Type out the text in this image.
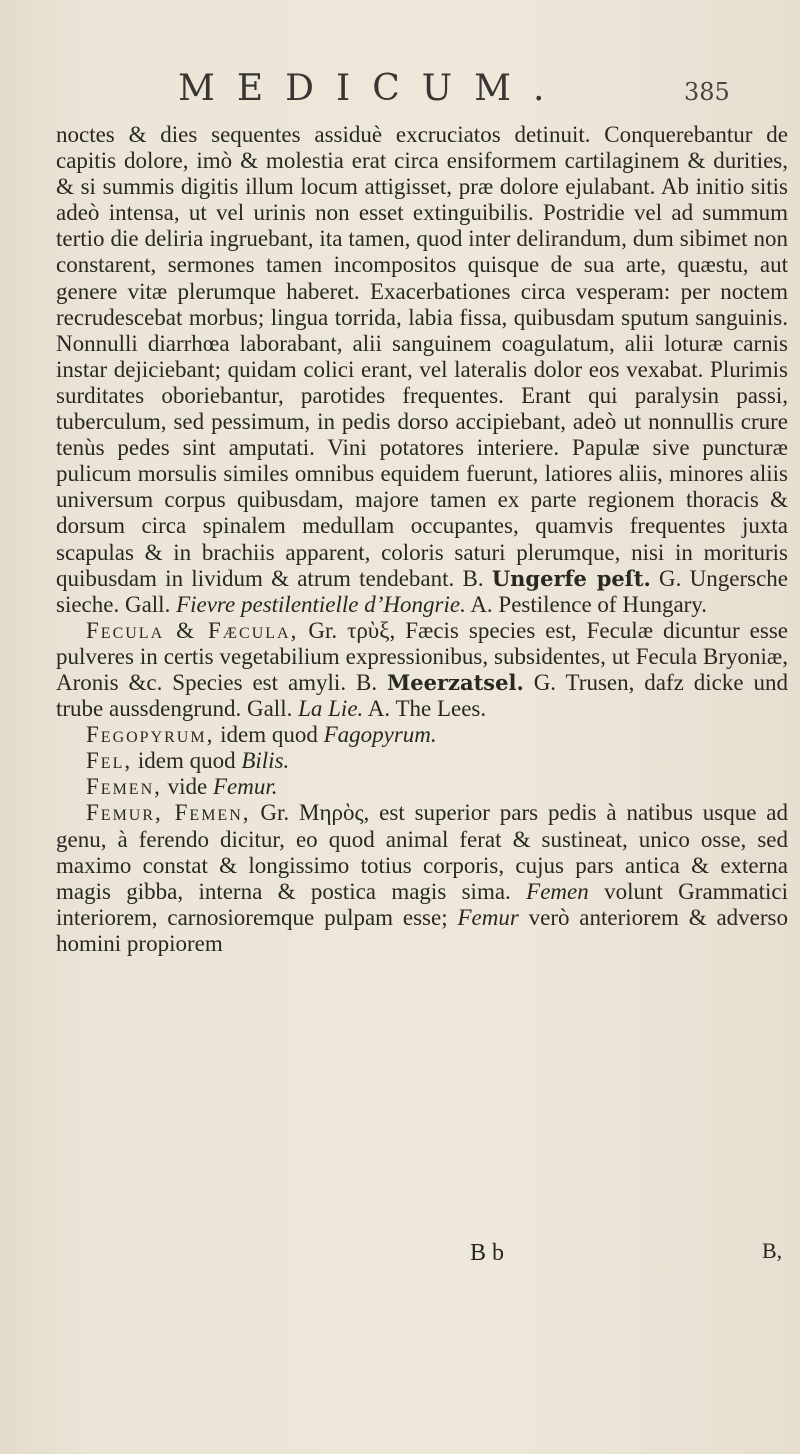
MEDICUM.	385

noctes & dies sequentes assiduè excruciatos detinuit. Conquerebantur de capitis dolore, imò & molestia erat circa ensiformem cartilaginem & durities, & si summis digitis illum locum attigisset, præ dolore ejulabant. Ab initio sitis adeò intensa, ut vel urinis non esset extinguibilis. Postridie vel ad summum tertio die deliria ingruebant, ita tamen, quod inter delirandum, dum sibimet non constarent, sermones tamen incompositos quisque de sua arte, quæstu, aut genere vitæ plerumque haberet. Exacerbationes circa vesperam: per noctem recrudescebat morbus; lingua torrida, labia fissa, quibusdam sputum sanguinis. Nonnulli diarrhœa laborabant, alii sanguinem coagulatum, alii loturæ carnis instar dejiciebant; quidam colici erant, vel lateralis dolor eos vexabat. Plurimis surditates oboriebantur, parotides frequentes. Erant qui paralysin passi, tuberculum, sed pessimum, in pedis dorso accipiebant, adeò ut nonnullis crure tenùs pedes sint amputati. Vini potatores interiere. Papulæ sive puncturæ pulicum morsulis similes omnibus equidem fuerunt, latiores aliis, minores aliis universum corpus quibusdam, majore tamen ex parte regionem thoracis & dorsum circa spinalem medullam occupantes, quamvis frequentes juxta scapulas & in brachiis apparent, coloris saturi plerumque, nisi in morituris quibusdam in lividum & atrum tendebant. B. Ungerfe peſt. G. Ungersche sieche. Gall. Fievre pestilentielle d’Hongrie. A. Pestilence of Hungary.

Fecula & Fæcula, Gr. τρὺξ, Fæcis species est, Feculæ dicuntur esse pulveres in certis vegetabilium expressionibus, subsidentes, ut Fecula Bryoniæ, Aronis &c. Species est amyli. B. Meerzatsel. G. Trusen, dafz dicke und trube aussdengrund. Gall. La Lie. A. The Lees.

Fegopyrum, idem quod Fagopyrum.

Fel, idem quod Bilis.

Femen, vide Femur.

Femur, Femen, Gr. Μηρὸς, est superior pars pedis à natibus usque ad genu, à ferendo dicitur, eo quod animal ferat & sustineat, unico osse, sed maximo constat & longissimo totius corporis, cujus pars antica & externa magis gibba, interna & postica magis sima. Femen volunt Grammatici interiorem, carnosioremque pulpam esse; Femur verò anteriorem & adverso homini propiorem

B b	B,
